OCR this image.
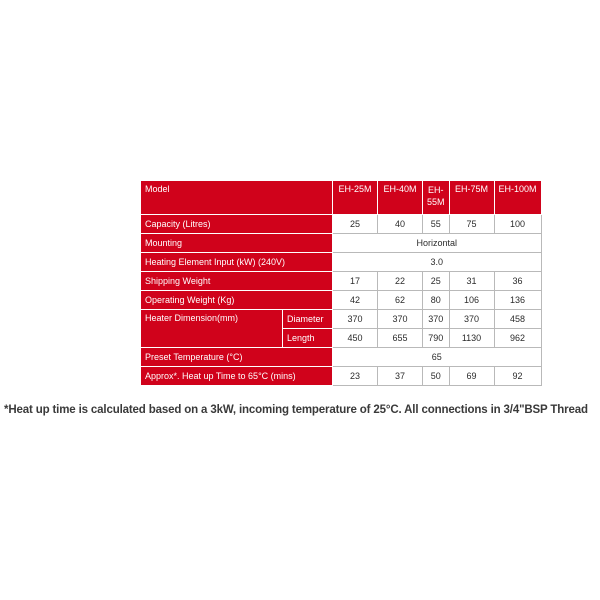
Model		EH-25M	EH-40M	EH-55M	EH-75M	EH-100M
Capacity (Litres)		25	40	55	75	100
Mounting		Horizontal				
Heating Element Input (kW) (240V)		3.0				
Shipping Weight		17	22	25	31	36
Operating Weight (Kg)		42	62	80	106	136
Heater Dimension(mm)	Diameter	370	370	370	370	458
	Length	450	655	790	1130	962
Preset Temperature (°C)		65				
Approx*. Heat up Time to 65°C (mins)		23	37	50	69	92
*Heat up time is calculated based on a 3kW, incoming temperature of 25°C. All connections in 3/4"BSP Thread
